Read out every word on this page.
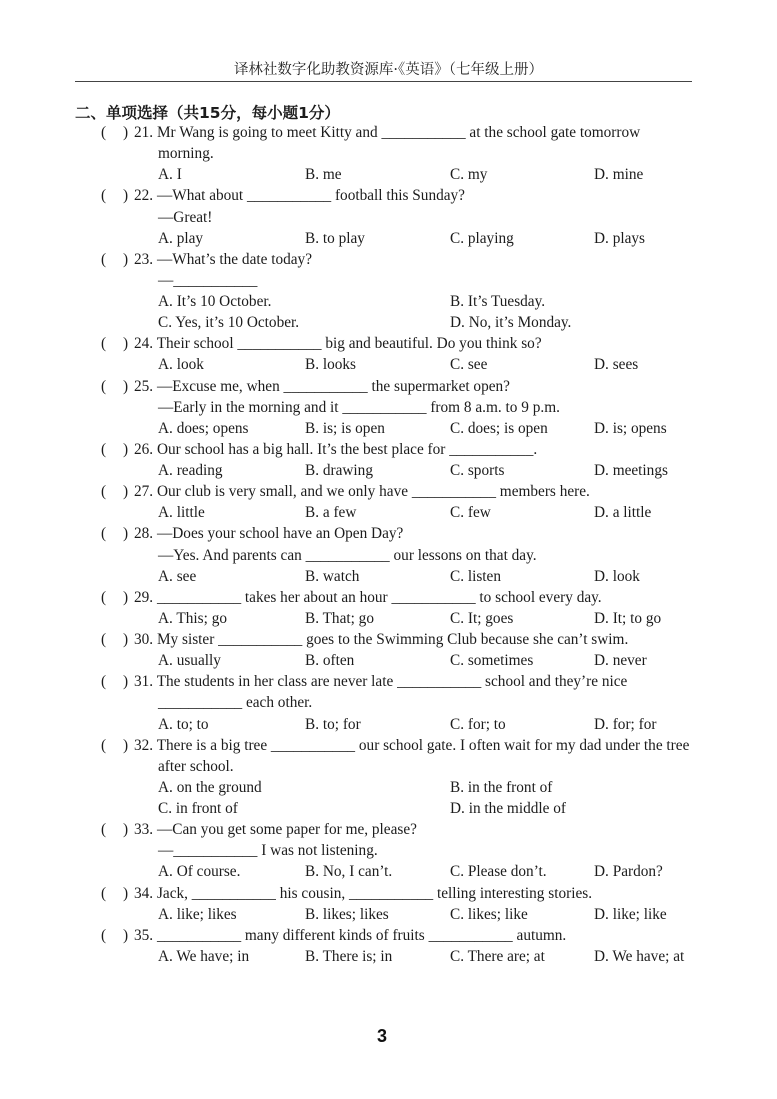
译林社数字化助教资源库·《英语》（七年级上册）
二、单项选择（共15分，每小题1分）
( ) 21. Mr Wang is going to meet Kitty and ___________ at the school gate tomorrow
morning.
A. I	B. me	C. my	D. mine
( ) 22. —What about ___________ football this Sunday?
—Great!
A. play	B. to play	C. playing	D. plays
( ) 23. —What’s the date today?
—___________
A. It’s 10 October.	B. It’s Tuesday.
C. Yes, it’s 10 October.	D. No, it’s Monday.
( ) 24. Their school ___________ big and beautiful. Do you think so?
A. look	B. looks	C. see	D. sees
( ) 25. —Excuse me, when ___________ the supermarket open?
—Early in the morning and it ___________ from 8 a.m. to 9 p.m.
A. does; opens	B. is; is open	C. does; is open	D. is; opens
( ) 26. Our school has a big hall. It’s the best place for ___________.
A. reading	B. drawing	C. sports	D. meetings
( ) 27. Our club is very small, and we only have ___________ members here.
A. little	B. a few	C. few	D. a little
( ) 28. —Does your school have an Open Day?
—Yes. And parents can ___________ our lessons on that day.
A. see	B. watch	C. listen	D. look
( ) 29. ___________ takes her about an hour ___________ to school every day.
A. This; go	B. That; go	C. It; goes	D. It; to go
( ) 30. My sister ___________ goes to the Swimming Club because she can’t swim.
A. usually	B. often	C. sometimes	D. never
( ) 31. The students in her class are never late ___________ school and they’re nice
___________ each other.
A. to; to	B. to; for	C. for; to	D. for; for
( ) 32. There is a big tree ___________ our school gate. I often wait for my dad under the tree
after school.
A. on the ground	B. in the front of
C. in front of	D. in the middle of
( ) 33. —Can you get some paper for me, please?
—___________ I was not listening.
A. Of course.	B. No, I can’t.	C. Please don’t.	D. Pardon?
( ) 34. Jack, ___________ his cousin, ___________ telling interesting stories.
A. like; likes	B. likes; likes	C. likes; like	D. like; like
( ) 35. ___________ many different kinds of fruits ___________ autumn.
A. We have; in	B. There is; in	C. There are; at	D. We have; at
3
